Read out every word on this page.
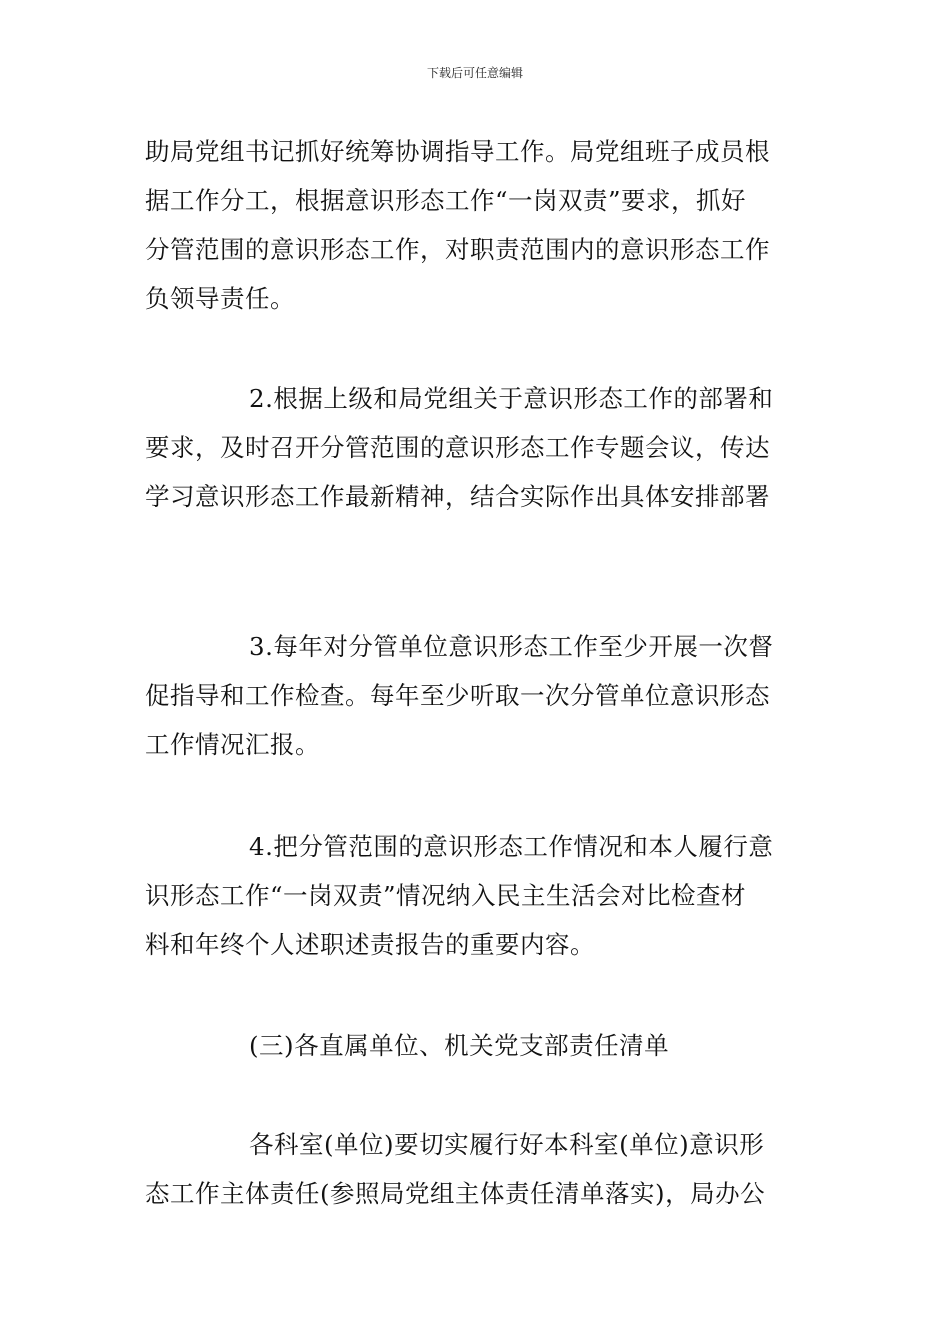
下载后可任意编辑

助局党组书记抓好统筹协调指导工作。局党组班子成员根
据工作分工，根据意识形态工作“一岗双责”要求，抓好
分管范围的意识形态工作，对职责范围内的意识形态工作
负领导责任。

2.根据上级和局党组关于意识形态工作的部署和
要求，及时召开分管范围的意识形态工作专题会议，传达
学习意识形态工作最新精神，结合实际作出具体安排部署

3.每年对分管单位意识形态工作至少开展一次督
促指导和工作检查。每年至少听取一次分管单位意识形态
工作情况汇报。

4.把分管范围的意识形态工作情况和本人履行意
识形态工作“一岗双责”情况纳入民主生活会对比检查材
料和年终个人述职述责报告的重要内容。

(三)各直属单位、机关党支部责任清单

各科室(单位)要切实履行好本科室(单位)意识形
态工作主体责任(参照局党组主体责任清单落实)，局办公
